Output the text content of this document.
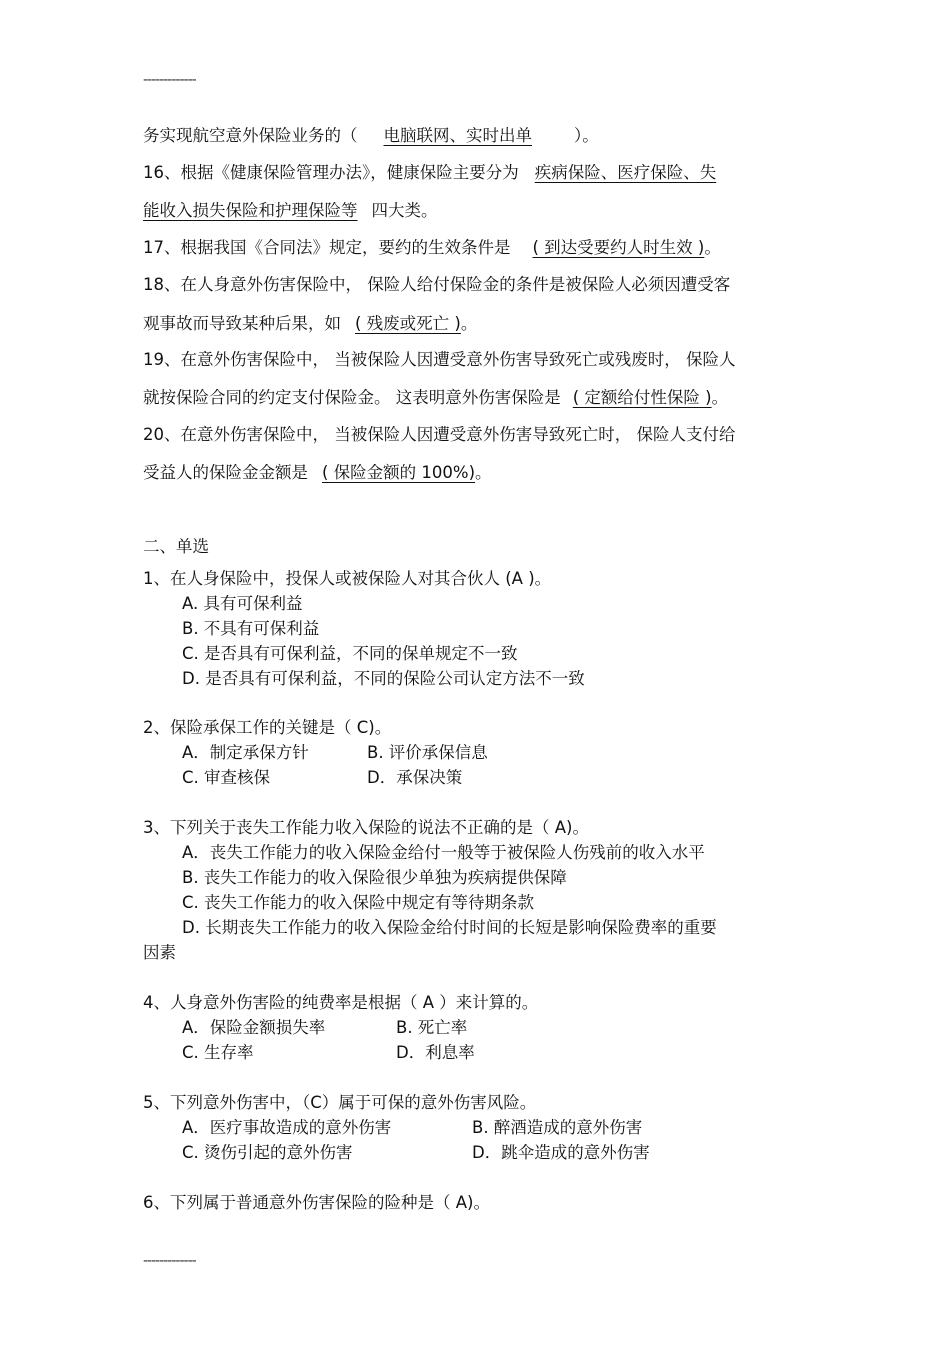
-------------
务实现航空意外保险业务的（ 电脑联网、实时出单	）。
16、根据《健康保险管理办法》，健康保险主要分为 疾病保险、医疗保险、失
能收入损失保险和护理保险等 四大类。
17、根据我国《合同法》规定，要约的生效条件是 ( 到达受要约人时生效 )。
18、在人身意外伤害保险中， 保险人给付保险金的条件是被保险人必须因遭受客
观事故而导致某种后果，如 ( 残废或死亡 )。
19、在意外伤害保险中， 当被保险人因遭受意外伤害导致死亡或残废时， 保险人
就按保险合同的约定支付保险金。 这表明意外伤害保险是 ( 定额给付性保险 )。
20、在意外伤害保险中， 当被保险人因遭受意外伤害导致死亡时， 保险人支付给
受益人的保险金金额是 ( 保险金额的 100%)。
二、单选
1、在人身保险中，投保人或被保险人对其合伙人 (A )。
A. 具有可保利益
B. 不具有可保利益
C. 是否具有可保利益，不同的保单规定不一致
D. 是否具有可保利益，不同的保险公司认定方法不一致
2、保险承保工作的关键是（ C)。
A．制定承保方针	B. 评价承保信息
C. 审查核保	D．承保决策
3、下列关于丧失工作能力收入保险的说法不正确的是（ A)。
A．丧失工作能力的收入保险金给付一般等于被保险人伤残前的收入水平
B. 丧失工作能力的收入保险很少单独为疾病提供保障
C. 丧失工作能力的收入保险中规定有等待期条款
D. 长期丧失工作能力的收入保险金给付时间的长短是影响保险费率的重要
因素
4、人身意外伤害险的纯费率是根据（ A ）来计算的。
A．保险金额损失率	B. 死亡率
C. 生存率	D．利息率
5、下列意外伤害中，（C）属于可保的意外伤害风险。
A．医疗事故造成的意外伤害	B. 醉酒造成的意外伤害
C. 烫伤引起的意外伤害	D．跳伞造成的意外伤害
6、下列属于普通意外伤害保险的险种是（ A)。
-------------
